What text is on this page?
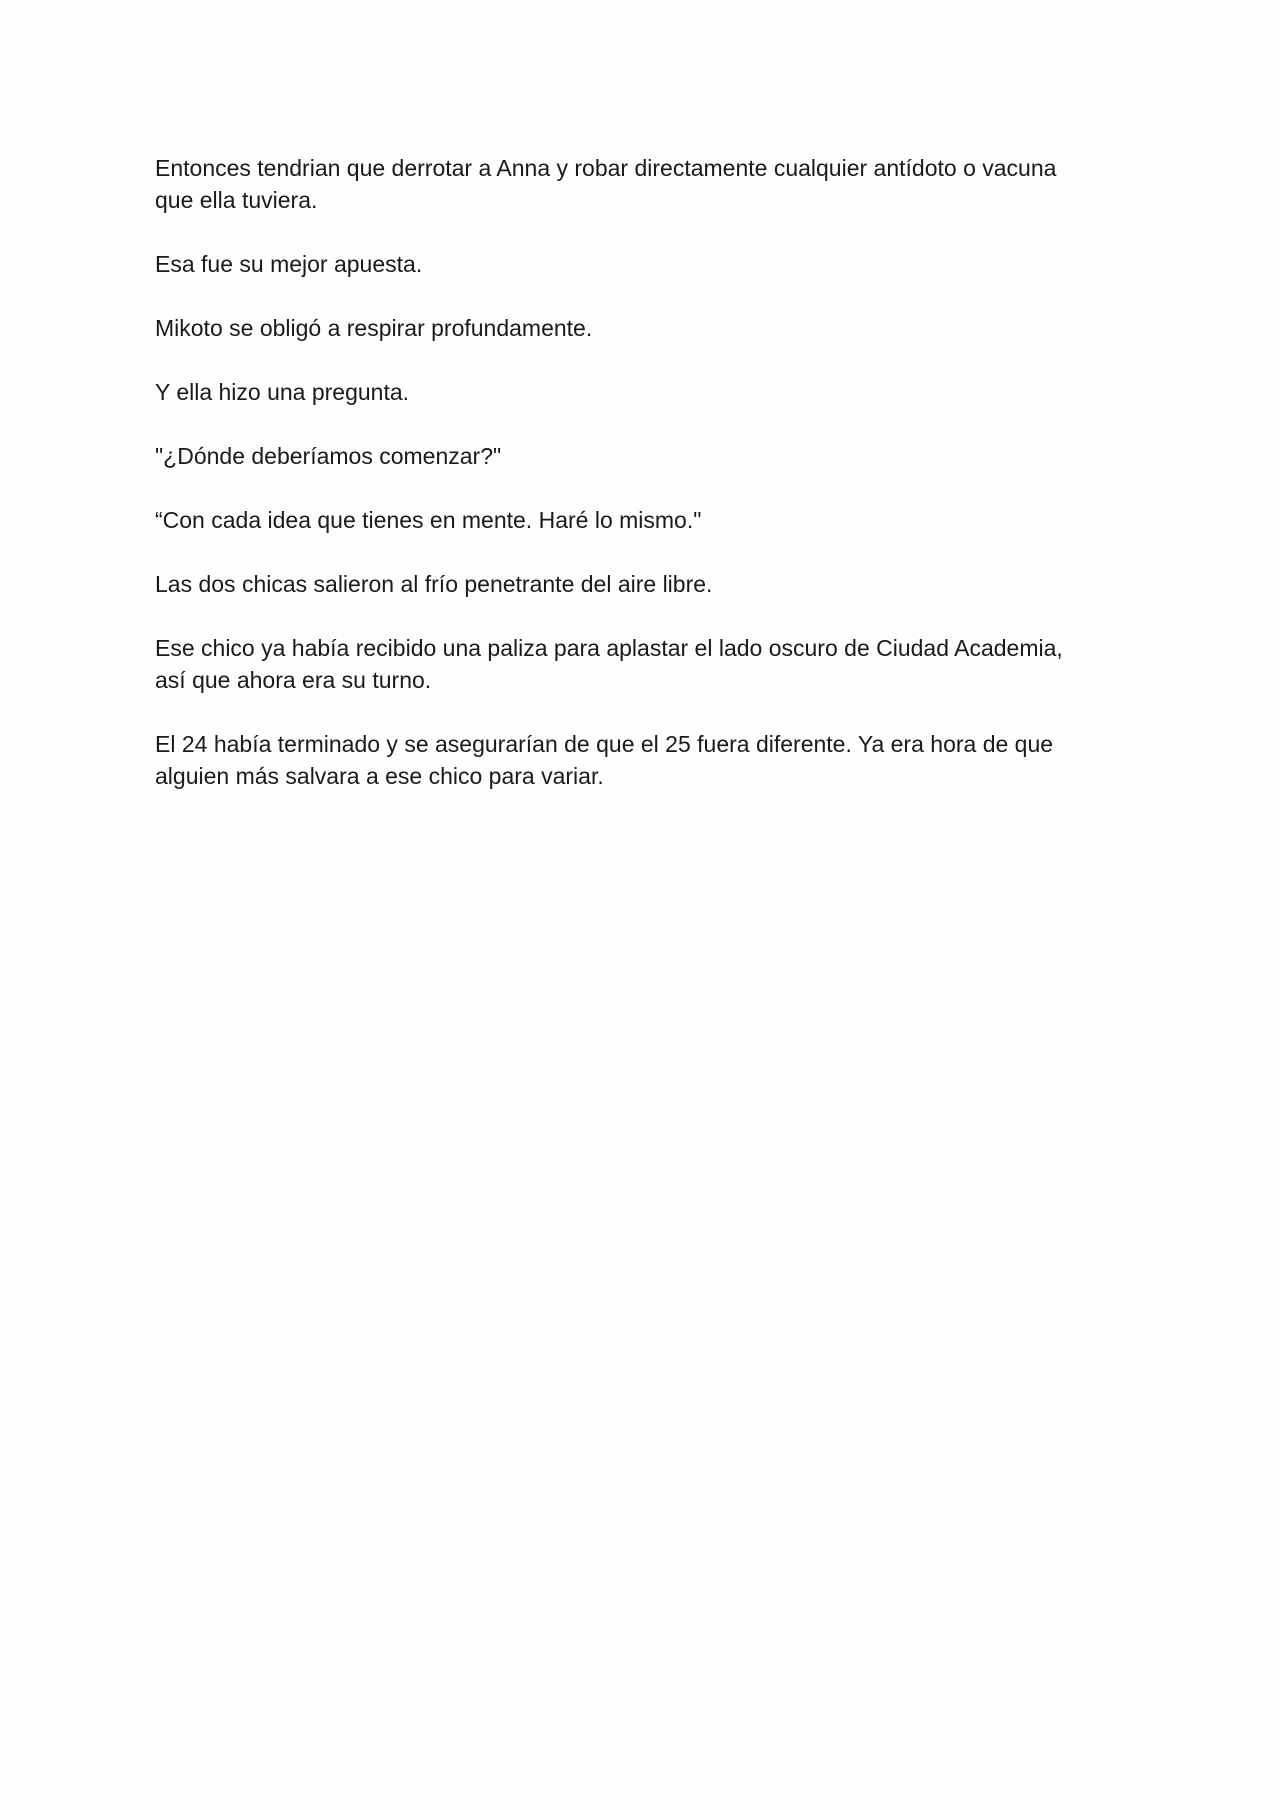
Entonces tendrian que derrotar a Anna y robar directamente cualquier antídoto o vacuna
que ella tuviera.

Esa fue su mejor apuesta.

Mikoto se obligó a respirar profundamente.

Y ella hizo una pregunta.

"¿Dónde deberíamos comenzar?"

“Con cada idea que tienes en mente. Haré lo mismo."

Las dos chicas salieron al frío penetrante del aire libre.

Ese chico ya había recibido una paliza para aplastar el lado oscuro de Ciudad Academia,
así que ahora era su turno.

El 24 había terminado y se asegurarían de que el 25 fuera diferente. Ya era hora de que
alguien más salvara a ese chico para variar.
